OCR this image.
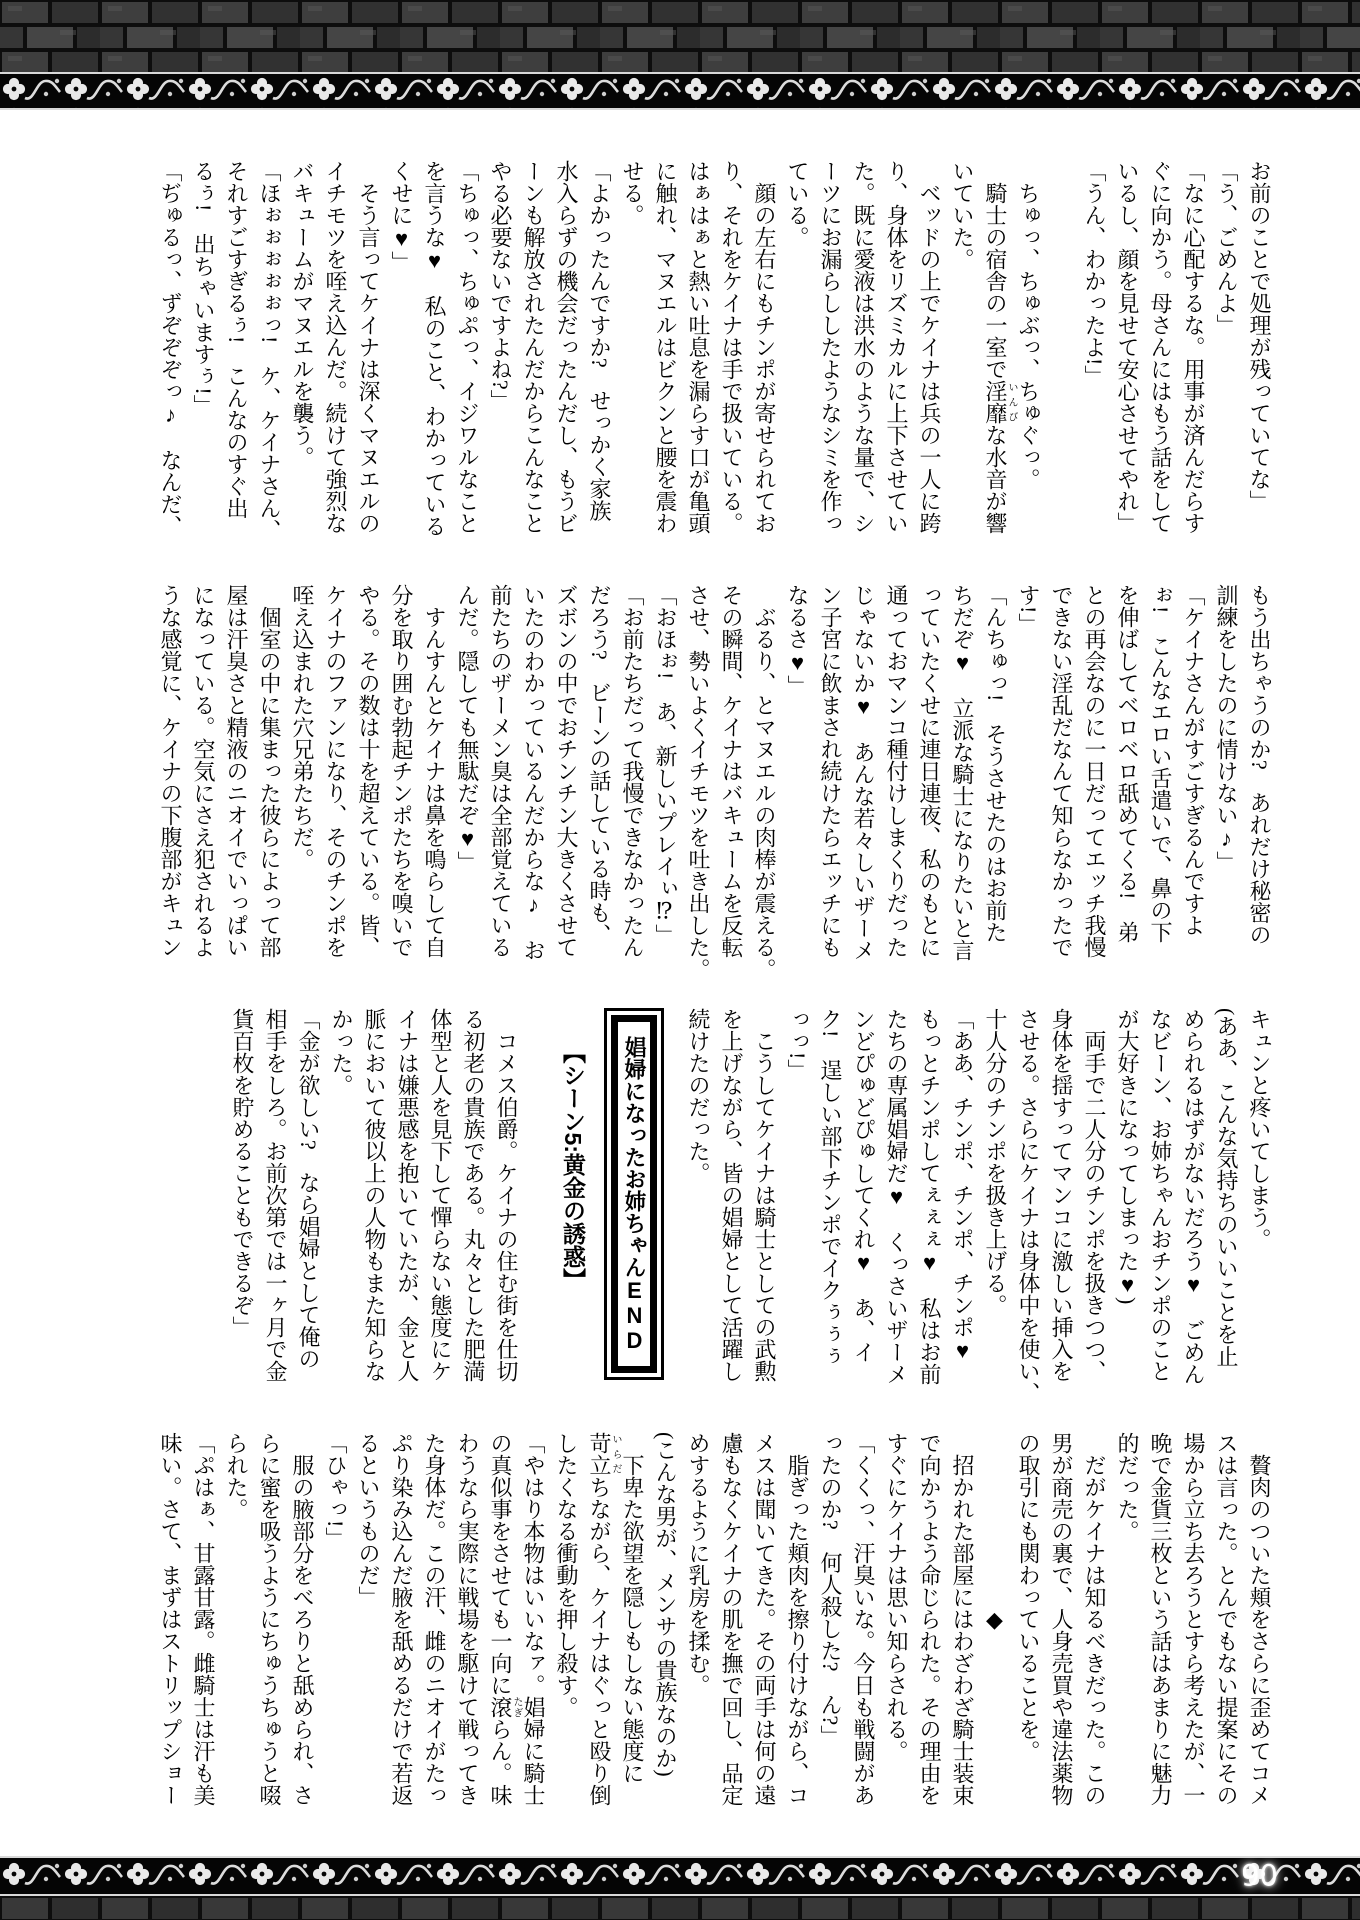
お前のことで処理が残っていてな」
「う、ごめんよ」
「なに心配するな。用事が済んだらす
ぐに向かう。母さんにはもう話をして
いるし、顔を見せて安心させてやれ」
「うん、わかったよ!」

　ちゅっ、ちゅぶっ、ちゅぐっ。
　騎士の宿舎の一室で淫靡いんびな水音が響
いていた。
　ベッドの上でケイナは兵の一人に跨
り、身体をリズミカルに上下させてい
た。既に愛液は洪水のような量で、シ
ーツにお漏らししたようなシミを作っ
ている。
　顔の左右にもチンポが寄せられてお
り、それをケイナは手で扱いている。
はぁはぁと熱い吐息を漏らす口が亀頭
に触れ、マヌエルはビクンと腰を震わ
せる。
「よかったんですか?　せっかく家族
水入らずの機会だったんだし、もうビ
ーンも解放されたんだからこんなこと
やる必要ないですよね?」
「ちゅっ、ちゅぷっ、イジワルなこと
を言うな♥　私のこと、わかっている
くせに♥」
　そう言ってケイナは深くマヌエルの
イチモツを咥え込んだ。続けて強烈な
バキュームがマヌエルを襲う。
「ほぉぉぉぉぉっ!　ケ、ケイナさん、
それすごすぎるぅ!　こんなのすぐ出
るぅ!　出ちゃいますぅ!」
「ぢゅるっ、ずぞぞぞっ♪　なんだ、
もう出ちゃうのか?　あれだけ秘密の
訓練をしたのに情けない♪」
「ケイナさんがすごすぎるんですよ
ぉ!　こんなエロい舌遣いで、鼻の下
を伸ばしてベロベロ舐めてくる!　弟
との再会なのに一日だってエッチ我慢
できない淫乱だなんて知らなかったで
す!」
「んちゅっ!　そうさせたのはお前た
ちだぞ♥　立派な騎士になりたいと言
っていたくせに連日連夜、私のもとに
通っておマンコ種付けしまくりだった
じゃないか♥　あんな若々しいザーメ
ン子宮に飲まされ続けたらエッチにも
なるさ♥」
　ぶるり、とマヌエルの肉棒が震える。
その瞬間、ケイナはバキュームを反転
させ、勢いよくイチモツを吐き出した。
「おほぉ!　あ、新しいプレイぃ⁉」
「お前たちだって我慢できなかったん
だろう?　ビーンの話している時も、
ズボンの中でおチンチン大きくさせて
いたのわかっているんだからな♪　お
前たちのザーメン臭は全部覚えている
んだ。隠しても無駄だぞ♥」
　すんすんとケイナは鼻を鳴らして自
分を取り囲む勃起チンポたちを嗅いで
やる。その数は十を超えている。皆、
ケイナのファンになり、そのチンポを
咥え込まれた穴兄弟たちだ。
　個室の中に集まった彼らによって部
屋は汗臭さと精液のニオイでいっぱい
になっている。空気にさえ犯されるよ
うな感覚に、ケイナの下腹部がキュン
キュンと疼いてしまう。
(ああ、こんな気持ちのいいことを止
められるはずがないだろう♥　ごめん
なビーン、お姉ちゃんおチンポのこと
が大好きになってしまった♥)
　両手で二人分のチンポを扱きつつ、
身体を揺すってマンコに激しい挿入を
させる。さらにケイナは身体中を使い、
十人分のチンポを扱き上げる。
「ああ、チンポ、チンポ、チンポ♥
もっとチンポしてぇぇぇ♥　私はお前
たちの専属娼婦だ♥　くっさいザーメ
ンどぴゅどぴゅしてくれ♥　あ、イ
ク!　逞しい部下チンポでイクぅぅぅ
っっ!」
　こうしてケイナは騎士としての武勲
を上げながら、皆の娼婦として活躍し
続けたのだった。

娼婦になったお姉ちゃんEND

　　【シーン5:黄金の誘惑】

　コメス伯爵。ケイナの住む街を仕切
る初老の貴族である。丸々とした肥満
体型と人を見下して憚らない態度にケ
イナは嫌悪感を抱いていたが、金と人
脈において彼以上の人物もまた知らな
かった。
「金が欲しい?　なら娼婦として俺の
相手をしろ。お前次第では一ヶ月で金
貨百枚を貯めることもできるぞ」
　贅肉のついた頬をさらに歪めてコメ
スは言った。とんでもない提案にその
場から立ち去ろうとすら考えたが、一
晩で金貨三枚という話はあまりに魅力
的だった。
　だがケイナは知るべきだった。この
男が商売の裏で、人身売買や違法薬物
の取引にも関わっていることを。
　　　　　　　　◆
　招かれた部屋にはわざわざ騎士装束
で向かうよう命じられた。その理由を
すぐにケイナは思い知らされる。
「くくっ、汗臭いな。今日も戦闘があ
ったのか?　何人殺した?　ん?」
　脂ぎった頬肉を擦り付けながら、コ
メスは聞いてきた。その両手は何の遠
慮もなくケイナの肌を撫で回し、品定
めするように乳房を揉む。
(こんな男が、メンサの貴族なのか)
　下卑た欲望を隠しもしない態度に
苛立いらだちながら、ケイナはぐっと殴り倒
したくなる衝動を押し殺す。
「やはり本物はいいなァ。娼婦に騎士
の真似事をさせても一向に滾たぎらん。味
わうなら実際に戦場を駆けて戦ってき
た身体だ。この汗、雌のニオイがたっ
ぷり染み込んだ腋を舐めるだけで若返
るというものだ」
「ひゃっ!」
　服の腋部分をべろりと舐められ、さ
らに蜜を吸うようにちゅうちゅうと啜
られた。
「ぷはぁ、甘露甘露。雌騎士は汗も美
味い。さて、まずはストリップショー
90
